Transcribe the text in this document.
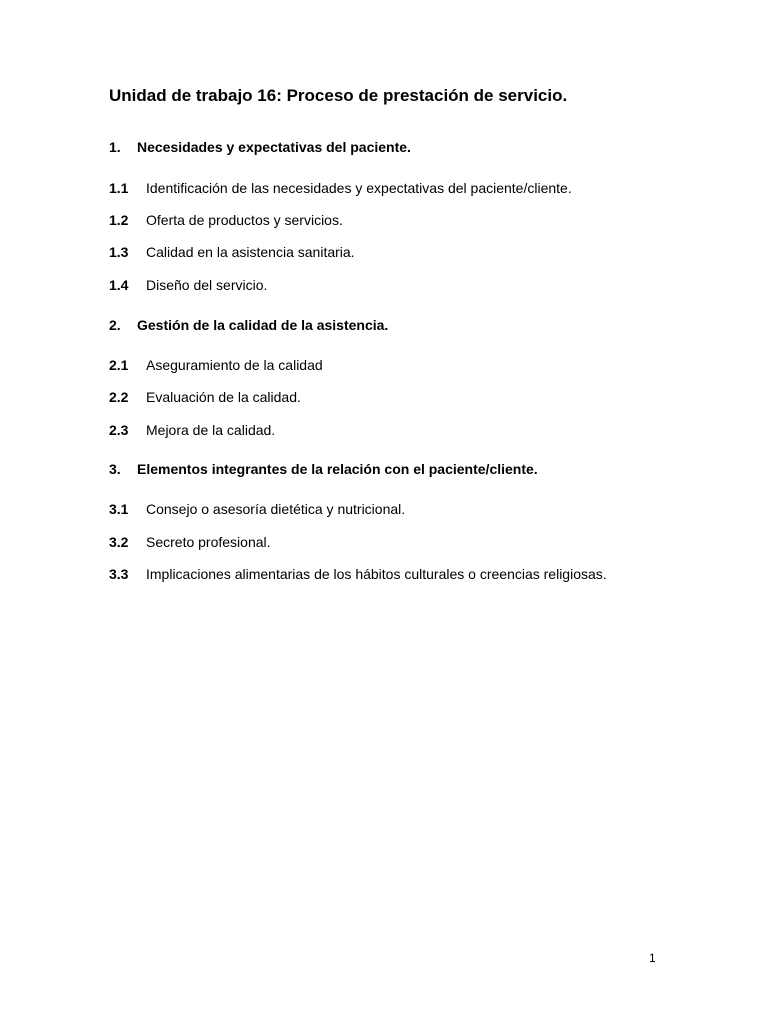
Unidad de trabajo 16: Proceso de prestación de servicio.
1. Necesidades y expectativas del paciente.
1.1 Identificación de las necesidades y expectativas del paciente/cliente.
1.2 Oferta de productos y servicios.
1.3 Calidad en la asistencia sanitaria.
1.4 Diseño del servicio.
2. Gestión de la calidad de la asistencia.
2.1 Aseguramiento de la calidad
2.2 Evaluación de la calidad.
2.3 Mejora de la calidad.
3. Elementos integrantes de la relación con el paciente/cliente.
3.1 Consejo o asesoría dietética y nutricional.
3.2 Secreto profesional.
3.3 Implicaciones alimentarias de los hábitos culturales o creencias religiosas.
1
